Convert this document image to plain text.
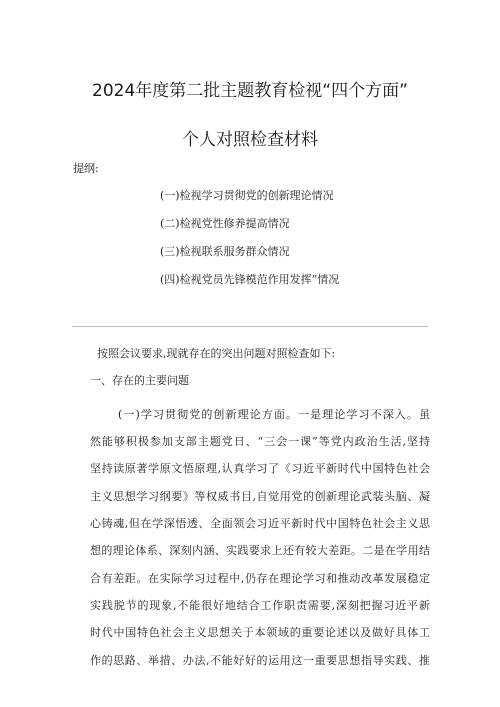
2024年度第二批主题教育检视“四个方面”
个人对照检查材料
提纲:
(一)检视学习贯彻党的创新理论情况
(二)检视党性修养提高情况
(三)检视联系服务群众情况
(四)检视党员先锋模范作用发挥”情况
按照会议要求,现就存在的突出问题对照检查如下:
一、存在的主要问题
(一)学习贯彻党的创新理论方面。一是理论学习不深入。虽
然能够积极参加支部主题党日、“三会一课”等党内政治生活,坚持
坚持读原著学原文悟原理,认真学习了《习近平新时代中国特色社会
主义思想学习纲要》等权威书目,自觉用党的创新理论武装头脑、凝
心铸魂,但在学深悟透、全面领会习近平新时代中国特色社会主义思
想的理论体系、深刻内涵、实践要求上还有较大差距。二是在学用结
合有差距。在实际学习过程中,仍存在理论学习和推动改革发展稳定
实践脱节的现象,不能很好地结合工作职责需要,深刻把握习近平新
时代中国特色社会主义思想关于本领域的重要论述以及做好具体工
作的思路、举措、办法,不能好好的运用这一重要思想指导实践、推
